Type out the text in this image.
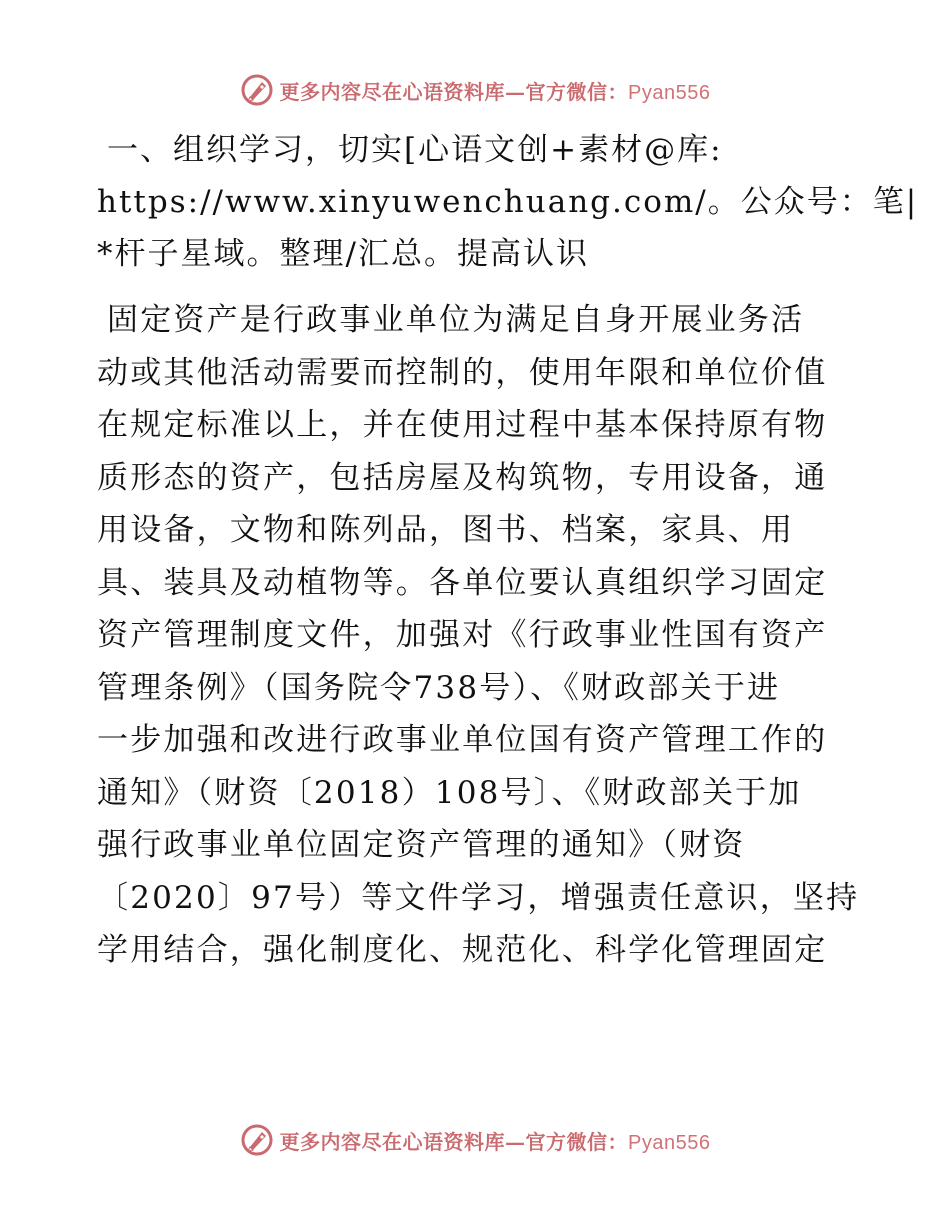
更多内容尽在心语资料库—官方微信：Pyan556
一、组织学习，切实[心语文创+素材@库:
https://www.xinyuwenchuang.com/。公众号：笔|
*杆子星域。整理/汇总。提高认识
固定资产是行政事业单位为满足自身开展业务活
动或其他活动需要而控制的，使用年限和单位价值
在规定标准以上，并在使用过程中基本保持原有物
质形态的资产，包括房屋及构筑物，专用设备，通
用设备，文物和陈列品，图书、档案，家具、用
具、装具及动植物等。各单位要认真组织学习固定
资产管理制度文件，加强对《行政事业性国有资产
管理条例》（国务院令738号）、《财政部关于进
一步加强和改进行政事业单位国有资产管理工作的
通知》（财资〔2018）108号〕、《财政部关于加
强行政事业单位固定资产管理的通知》（财资
〔2020〕97号）等文件学习，增强责任意识，坚持
学用结合，强化制度化、规范化、科学化管理固定
更多内容尽在心语资料库—官方微信：Pyan556
